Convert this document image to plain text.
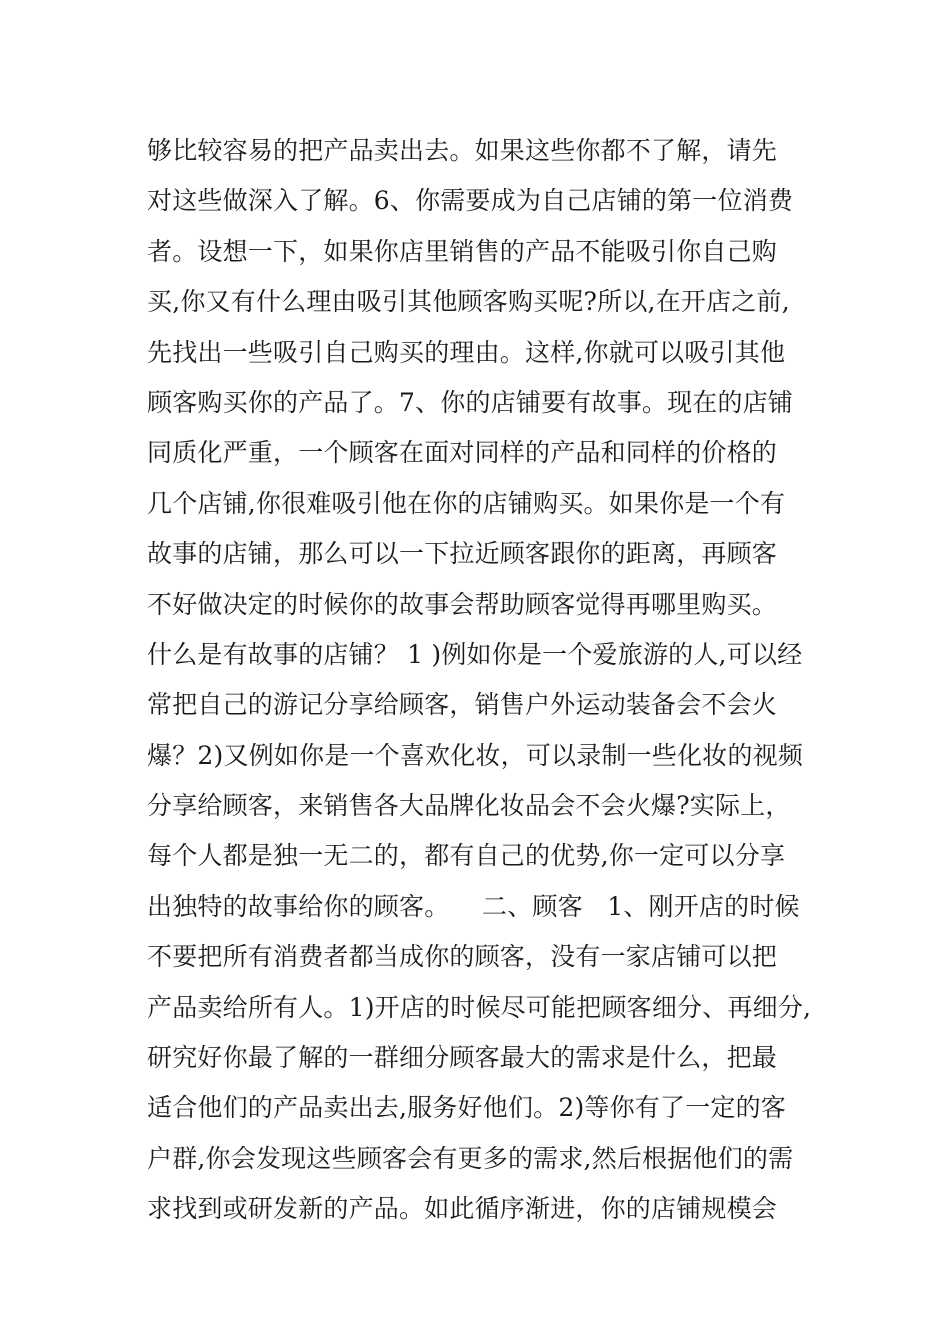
够比较容易的把产品卖出去。如果这些你都不了解，请先
对这些做深入了解。6、你需要成为自己店铺的第一位消费
者。设想一下，如果你店里销售的产品不能吸引你自己购
买,你又有什么理由吸引其他顾客购买呢?所以,在开店之前,
先找出一些吸引自己购买的理由。这样,你就可以吸引其他
顾客购买你的产品了。7、你的店铺要有故事。现在的店铺
同质化严重，一个顾客在面对同样的产品和同样的价格的
几个店铺,你很难吸引他在你的店铺购买。如果你是一个有
故事的店铺，那么可以一下拉近顾客跟你的距离，再顾客
不好做决定的时候你的故事会帮助顾客觉得再哪里购买。
什么是有故事的店铺？ 1 )例如你是一个爱旅游的人,可以经
常把自己的游记分享给顾客，销售户外运动装备会不会火
爆？2)又例如你是一个喜欢化妆，可以录制一些化妆的视频
分享给顾客，来销售各大品牌化妆品会不会火爆?实际上，
每个人都是独一无二的，都有自己的优势,你一定可以分享
出独特的故事给你的顾客。    二、顾客   1、刚开店的时候
不要把所有消费者都当成你的顾客，没有一家店铺可以把
产品卖给所有人。1)开店的时候尽可能把顾客细分、再细分,
研究好你最了解的一群细分顾客最大的需求是什么，把最
适合他们的产品卖出去,服务好他们。2)等你有了一定的客
户群,你会发现这些顾客会有更多的需求,然后根据他们的需
求找到或研发新的产品。如此循序渐进，你的店铺规模会
